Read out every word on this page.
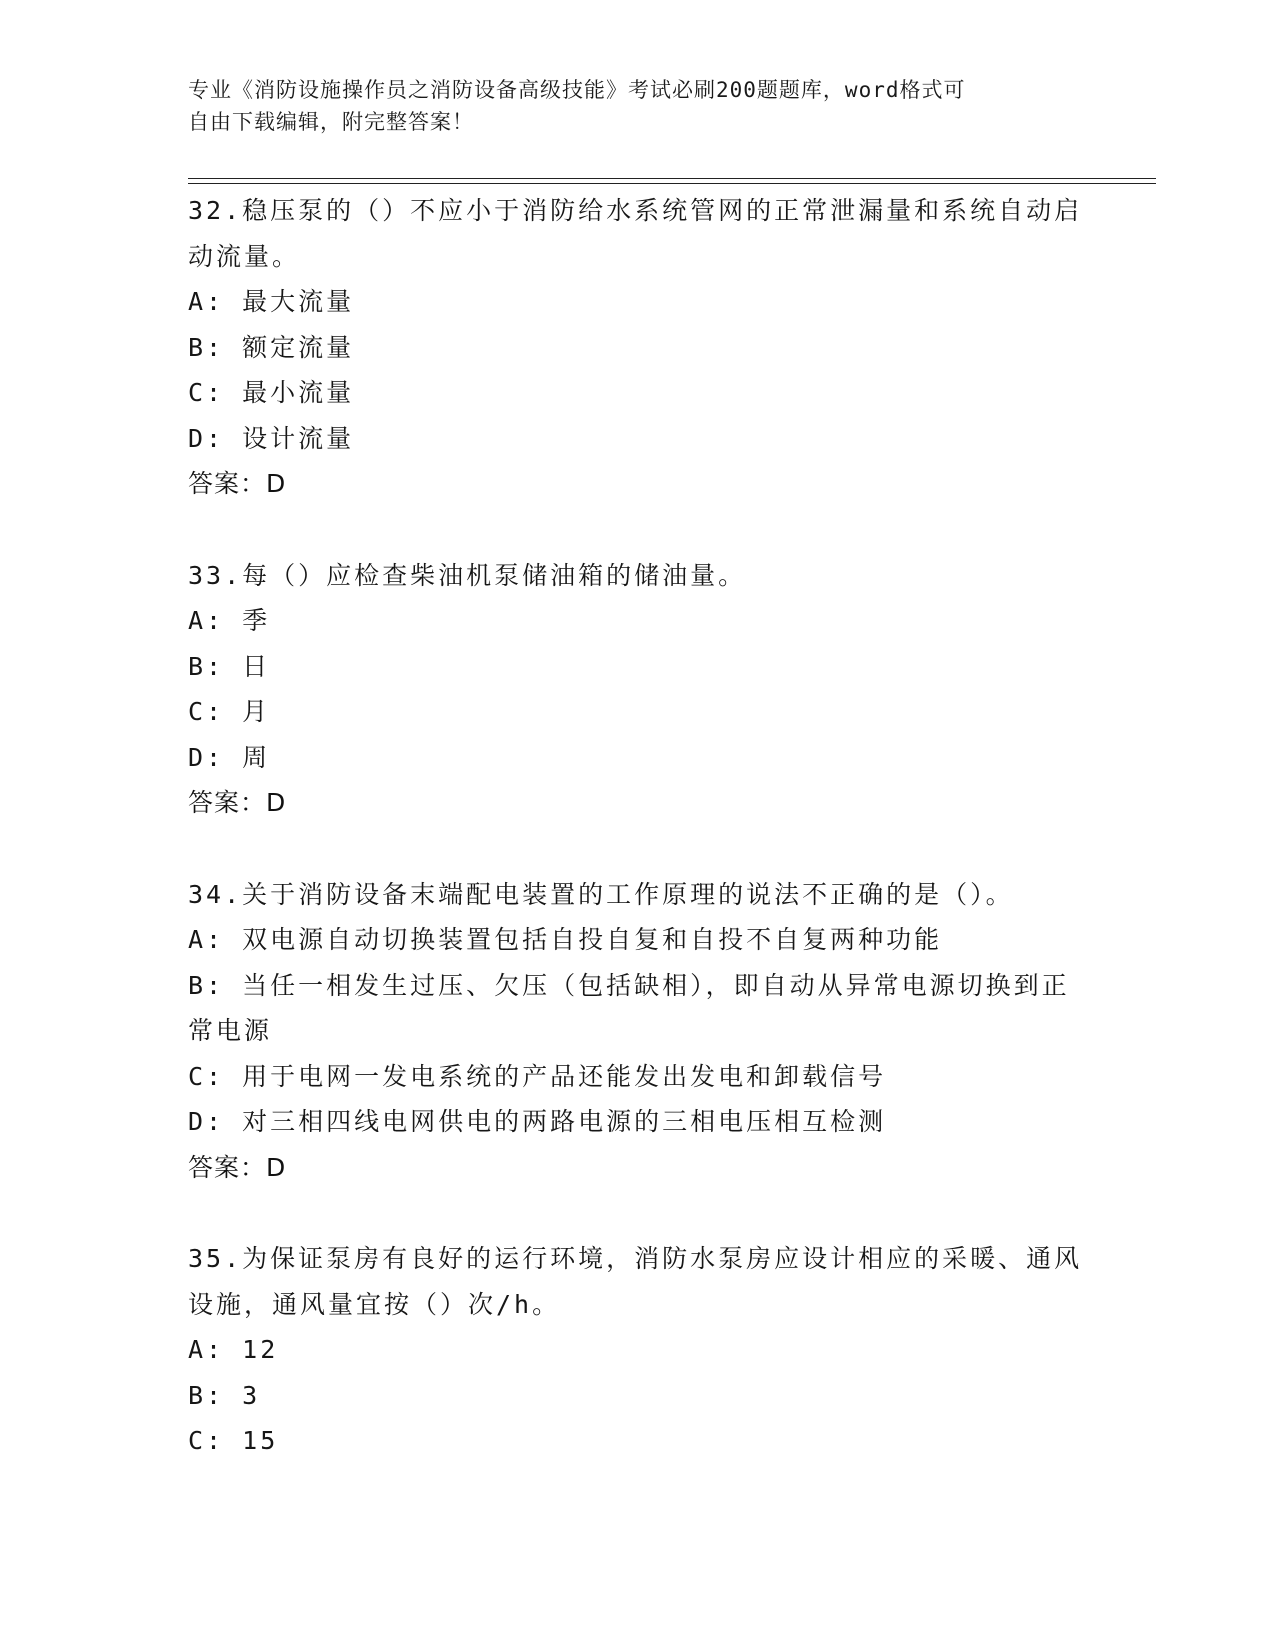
专业《消防设施操作员之消防设备高级技能》考试必刷200题题库，word格式可
自由下载编辑，附完整答案！
32.稳压泵的（）不应小于消防给水系统管网的正常泄漏量和系统自动启动流量。
A: 最大流量
B: 额定流量
C: 最小流量
D: 设计流量
答案：D
33.每（）应检查柴油机泵储油箱的储油量。
A: 季
B: 日
C: 月
D: 周
答案：D
34.关于消防设备末端配电装置的工作原理的说法不正确的是（）。
A: 双电源自动切换装置包括自投自复和自投不自复两种功能
B: 当任一相发生过压、欠压（包括缺相），即自动从异常电源切换到正常电源
C: 用于电网一发电系统的产品还能发出发电和卸载信号
D: 对三相四线电网供电的两路电源的三相电压相互检测
答案：D
35.为保证泵房有良好的运行环境，消防水泵房应设计相应的采暖、通风设施，通风量宜按（）次/h。
A: 12
B: 3
C: 15
